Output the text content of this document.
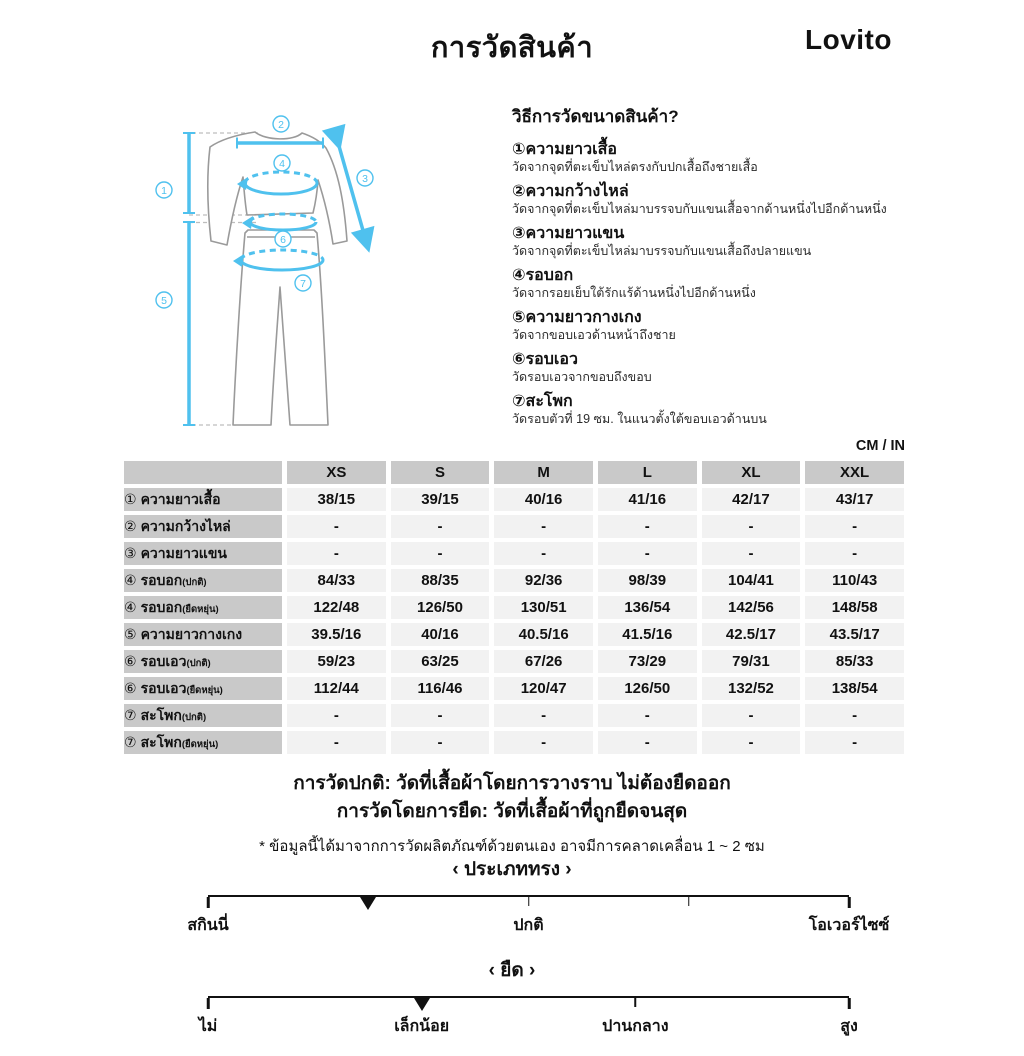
การวัดสินค้า	Lovito
2
4
3
1
6
5
7
วิธีการวัดขนาดสินค้า?
①ความยาวเสื้อ
วัดจากจุดที่ตะเข็บไหล่ตรงกับปกเสื้อถึงชายเสื้อ
②ความกว้างไหล่
วัดจากจุดที่ตะเข็บไหล่มาบรรจบกับแขนเสื้อจากด้านหนึ่งไปอีกด้านหนึ่ง
③ความยาวแขน
วัดจากจุดที่ตะเข็บไหล่มาบรรจบกับแขนเสื้อถึงปลายแขน
④รอบอก
วัดจากรอยเย็บใต้รักแร้ด้านหนึ่งไปอีกด้านหนึ่ง
⑤ความยาวกางเกง
วัดจากขอบเอวด้านหน้าถึงชาย
⑥รอบเอว
วัดรอบเอวจากขอบถึงขอบ
⑦สะโพก
วัดรอบตัวที่ 19 ซม. ในแนวตั้งใต้ขอบเอวด้านบน
CM / IN
	XS	S	M	L	XL	XXL
① ความยาวเสื้อ	38/15	39/15	40/16	41/16	42/17	43/17
② ความกว้างไหล่	-	-	-	-	-	-
③ ความยาวแขน	-	-	-	-	-	-
④ รอบอก(ปกติ)	84/33	88/35	92/36	98/39	104/41	110/43
④ รอบอก(ยืดหยุ่น)	122/48	126/50	130/51	136/54	142/56	148/58
⑤ ความยาวกางเกง	39.5/16	40/16	40.5/16	41.5/16	42.5/17	43.5/17
⑥ รอบเอว(ปกติ)	59/23	63/25	67/26	73/29	79/31	85/33
⑥ รอบเอว(ยืดหยุ่น)	112/44	116/46	120/47	126/50	132/52	138/54
⑦ สะโพก(ปกติ)	-	-	-	-	-	-
⑦ สะโพก(ยืดหยุ่น)	-	-	-	-	-	-
การวัดปกติ: วัดที่เสื้อผ้าโดยการวางราบ ไม่ต้องยืดออก
การวัดโดยการยืด: วัดที่เสื้อผ้าที่ถูกยืดจนสุด
* ข้อมูลนี้ได้มาจากการวัดผลิตภัณฑ์ด้วยตนเอง อาจมีการคลาดเคลื่อน 1 ~ 2 ซม
‹ ประเภททรง ›
สกินนี่	ปกติ	โอเวอร์ไซซ์
‹ ยืด ›
ไม่	เล็กน้อย	ปานกลาง	สูง
